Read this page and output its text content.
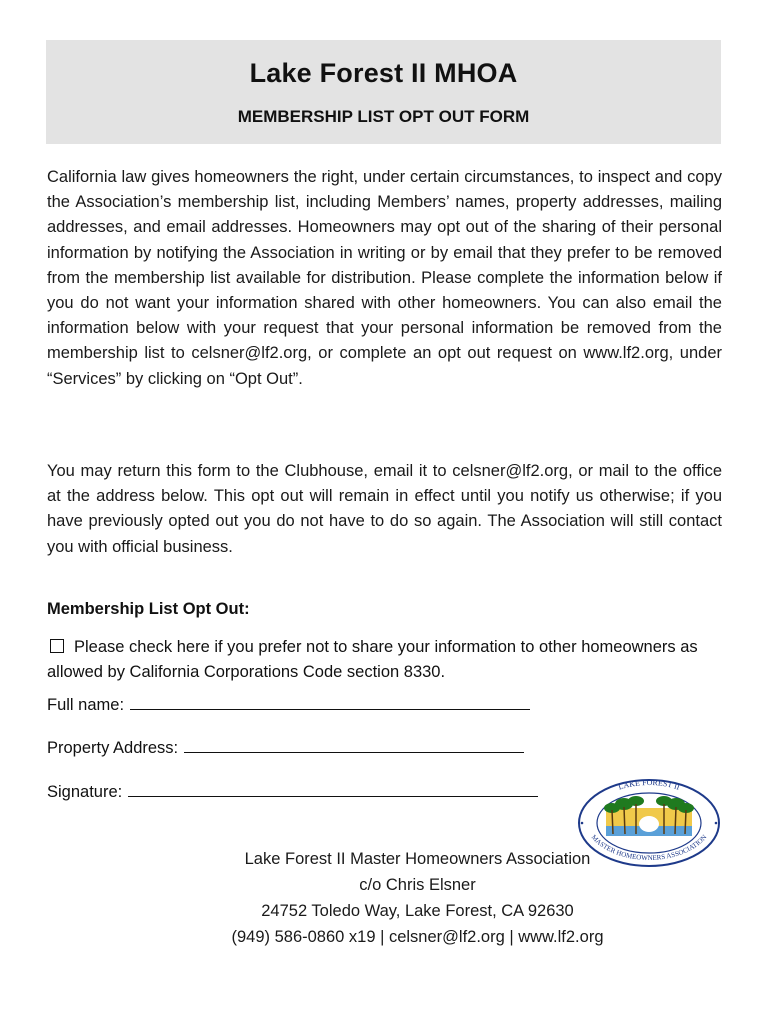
Lake Forest II MHOA
MEMBERSHIP LIST OPT OUT FORM
California law gives homeowners the right, under certain circumstances, to inspect and copy the Association’s membership list, including Members’ names, property addresses, mailing addresses, and email addresses. Homeowners may opt out of the sharing of their personal information by notifying the Association in writing or by email that they prefer to be removed from the membership list available for distribution. Please complete the information below if you do not want your information shared with other homeowners. You can also email the information below with your request that your personal information be removed from the membership list to celsner@lf2.org, or complete an opt out request on www.lf2.org, under “Services” by clicking on “Opt Out”.
You may return this form to the Clubhouse, email it to celsner@lf2.org, or mail to the office at the address below. This opt out will remain in effect until you notify us otherwise; if you have previously opted out you do not have to do so again. The Association will still contact you with official business.
Membership List Opt Out:
Please check here if you prefer not to share your information to other homeowners as allowed by California Corporations Code section 8330.
Full name:
Property Address:
Signature:	LAKE FOREST II
MASTER HOMEOWNERS ASSOCIATION
Lake Forest II Master Homeowners Association
c/o Chris Elsner
24752 Toledo Way, Lake Forest, CA 92630
(949) 586-0860 x19 | celsner@lf2.org | www.lf2.org
